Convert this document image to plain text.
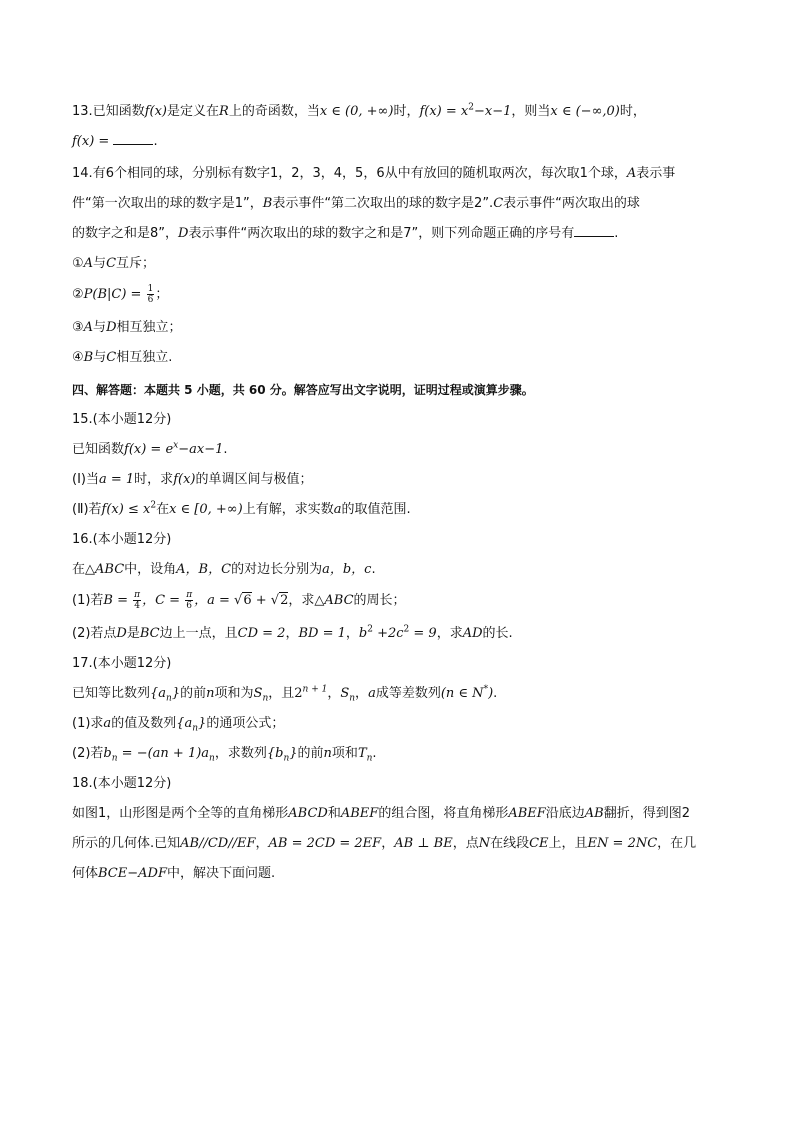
13.已知函数f(x)是定义在R上的奇函数，当x ∈ (0, +∞)时，$f(x) = x^2-x-1$，则当x ∈ (−∞,0)时，
f(x) =	.
14.有6个相同的球，分别标有数字1，2，3，4，5，6从中有放回的随机取两次，每次取1个球，A表示事
件“第一次取出的球的数字是1”，B表示事件“第二次取出的球的数字是2”.C表示事件“两次取出的球
的数字之和是8”，D表示事件“两次取出的球的数字之和是7”，则下列命题正确的序号有	.
①A与C互斥；
②P(B|C) = $\frac{1}{6}$ ；
③A与D相互独立；
④B与C相互独立.
四、解答题：本题共 5 小题，共 60 分。解答应写出文字说明，证明过程或演算步骤。
15.(本小题12分)
已知函数$f(x) = e^x-ax-1$.
(Ⅰ)当a = 1时，求f(x)的单调区间与极值；
(Ⅱ)若$f(x) \le x^2$在x ∈ [0, +∞)上有解，求实数a的取值范围.
16.(本小题12分)
在△ABC中，设角A，B，C的对边长分别为a，b，c.
(1)若$B = \frac{\pi}{4}$ ，$C = \frac{\pi}{6}$ ，a = √6 + √2，求△ABC的周长；
(2)若点D是BC边上一点，且CD = 2，BD = 1，$b^2 +2c^2 = 9$，求AD的长.
17.(本小题12分)
已知等比数列$\{a_n\}$的前n项和为$S_n$，且$2^{n + 1}$，$S_n$，a成等差数列(n ∈ N*).
(1)求a的值及数列$\{a_n\}$的通项公式；
(2)若$b_n = -(an + 1)a_n$，求数列$\{b_n\}$的前n项和$T_n$.
18.(本小题12分)
如图1，山形图是两个全等的直角梯形ABCD和ABEF的组合图，将直角梯形ABEF沿底边AB翻折，得到图2
所示的几何体.已知AB//CD//EF，AB = 2CD = 2EF，AB ⊥ BE，点N在线段CE上，且EN = 2NC，在几
何体BCE−ADF中，解决下面问题.
